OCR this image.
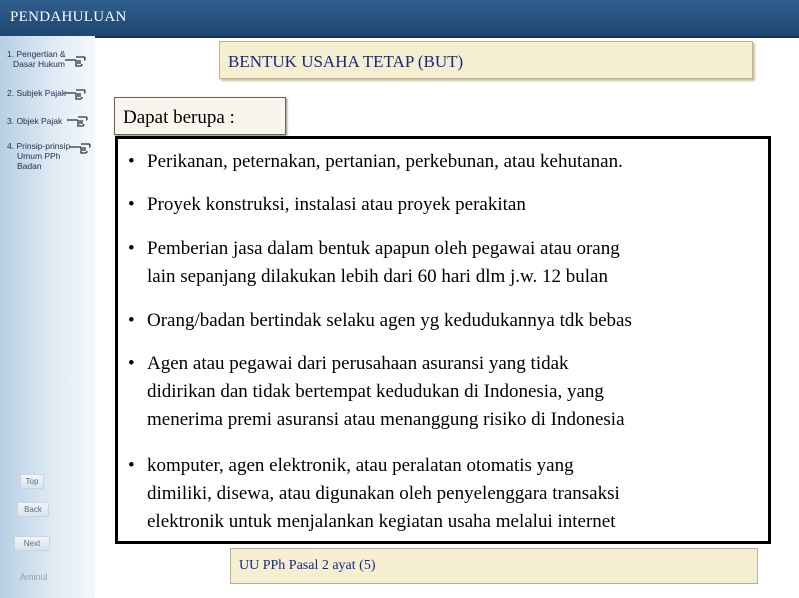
PENDAHULUAN
1. Pengertian &
Dasar Hukum
2. Subjek Pajak
3. Objek Pajak
4. Prinsip-prinsip
Umum PPh
Badan
Top
Back
Next
Aminul
BENTUK USAHA TETAP (BUT)
Dapat berupa :
• Perikanan, peternakan, pertanian, perkebunan, atau kehutanan.
• Proyek konstruksi, instalasi atau proyek perakitan
• Pemberian jasa dalam bentuk apapun oleh pegawai atau orang
lain sepanjang dilakukan lebih dari 60 hari dlm j.w. 12 bulan
• Orang/badan bertindak selaku agen yg kedudukannya tdk bebas
• Agen atau pegawai dari perusahaan asuransi yang tidak
didirikan dan tidak bertempat kedudukan di Indonesia, yang
menerima premi asuransi atau menanggung risiko di Indonesia
• komputer, agen elektronik, atau peralatan otomatis yang
dimiliki, disewa, atau digunakan oleh penyelenggara transaksi
elektronik untuk menjalankan kegiatan usaha melalui internet
UU PPh Pasal 2 ayat (5)
